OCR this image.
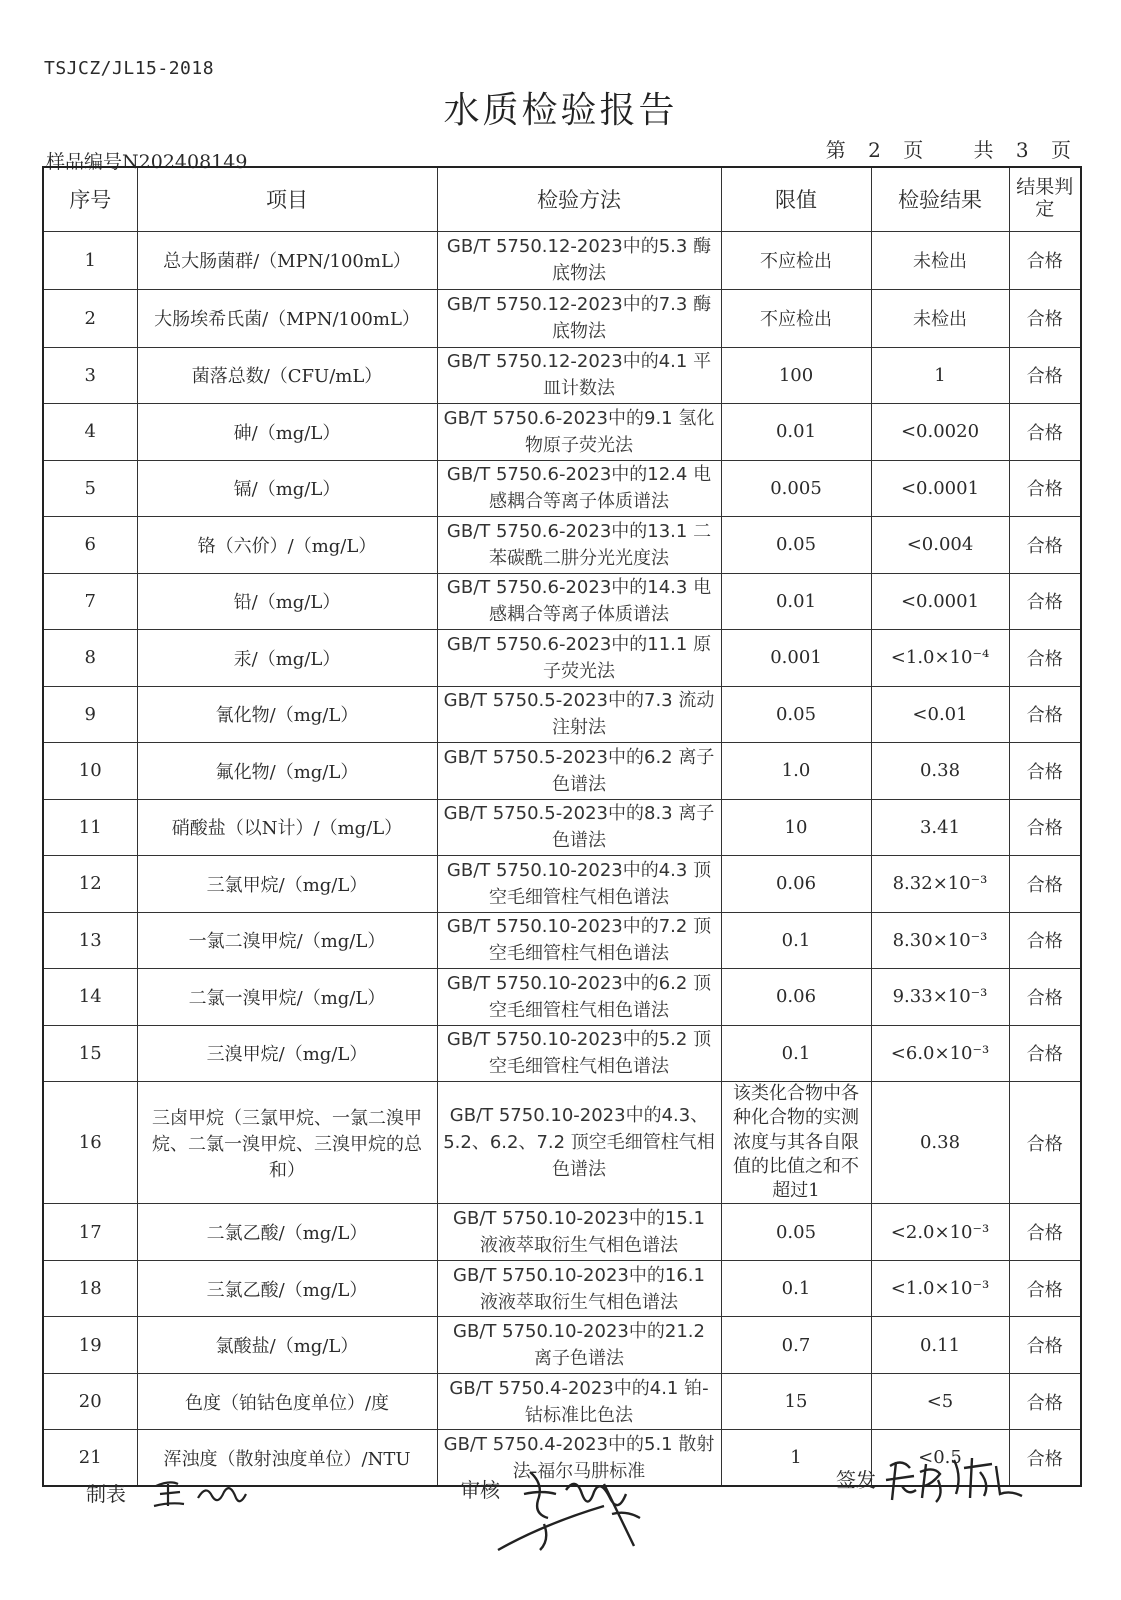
TSJCZ/JL15-2018
水质检验报告
第 2 页	共 3 页
样品编号N202408149
序号	项目	检验方法	限值	检验结果	结果判定
1	总大肠菌群/（MPN/100mL）	GB/T 5750.12-2023中的5.3 酶底物法	不应检出	未检出	合格
2	大肠埃希氏菌/（MPN/100mL）	GB/T 5750.12-2023中的7.3 酶底物法	不应检出	未检出	合格
3	菌落总数/（CFU/mL）	GB/T 5750.12-2023中的4.1 平皿计数法	100	1	合格
4	砷/（mg/L）	GB/T 5750.6-2023中的9.1 氢化物原子荧光法	0.01	<0.0020	合格
5	镉/（mg/L）	GB/T 5750.6-2023中的12.4 电感耦合等离子体质谱法	0.005	<0.0001	合格
6	铬（六价）/（mg/L）	GB/T 5750.6-2023中的13.1 二苯碳酰二肼分光光度法	0.05	<0.004	合格
7	铅/（mg/L）	GB/T 5750.6-2023中的14.3 电感耦合等离子体质谱法	0.01	<0.0001	合格
8	汞/（mg/L）	GB/T 5750.6-2023中的11.1 原子荧光法	0.001	<1.0×10⁻⁴	合格
9	氰化物/（mg/L）	GB/T 5750.5-2023中的7.3 流动注射法	0.05	<0.01	合格
10	氟化物/（mg/L）	GB/T 5750.5-2023中的6.2 离子色谱法	1.0	0.38	合格
11	硝酸盐（以N计）/（mg/L）	GB/T 5750.5-2023中的8.3 离子色谱法	10	3.41	合格
12	三氯甲烷/（mg/L）	GB/T 5750.10-2023中的4.3 顶空毛细管柱气相色谱法	0.06	8.32×10⁻³	合格
13	一氯二溴甲烷/（mg/L）	GB/T 5750.10-2023中的7.2 顶空毛细管柱气相色谱法	0.1	8.30×10⁻³	合格
14	二氯一溴甲烷/（mg/L）	GB/T 5750.10-2023中的6.2 顶空毛细管柱气相色谱法	0.06	9.33×10⁻³	合格
15	三溴甲烷/（mg/L）	GB/T 5750.10-2023中的5.2 顶空毛细管柱气相色谱法	0.1	<6.0×10⁻³	合格
16	三卤甲烷（三氯甲烷、一氯二溴甲烷、二氯一溴甲烷、三溴甲烷的总和）	GB/T 5750.10-2023中的4.3、5.2、6.2、7.2 顶空毛细管柱气相色谱法	该类化合物中各种化合物的实测浓度与其各自限值的比值之和不超过1	0.38	合格
17	二氯乙酸/（mg/L）	GB/T 5750.10-2023中的15.1 液液萃取衍生气相色谱法	0.05	<2.0×10⁻³	合格
18	三氯乙酸/（mg/L）	GB/T 5750.10-2023中的16.1 液液萃取衍生气相色谱法	0.1	<1.0×10⁻³	合格
19	氯酸盐/（mg/L）	GB/T 5750.10-2023中的21.2 离子色谱法	0.7	0.11	合格
20	色度（铂钴色度单位）/度	GB/T 5750.4-2023中的4.1 铂-钴标准比色法	15	<5	合格
21	浑浊度（散射浊度单位）/NTU	GB/T 5750.4-2023中的5.1 散射法-福尔马肼标准	1	<0.5	合格
制表	审核	签发
